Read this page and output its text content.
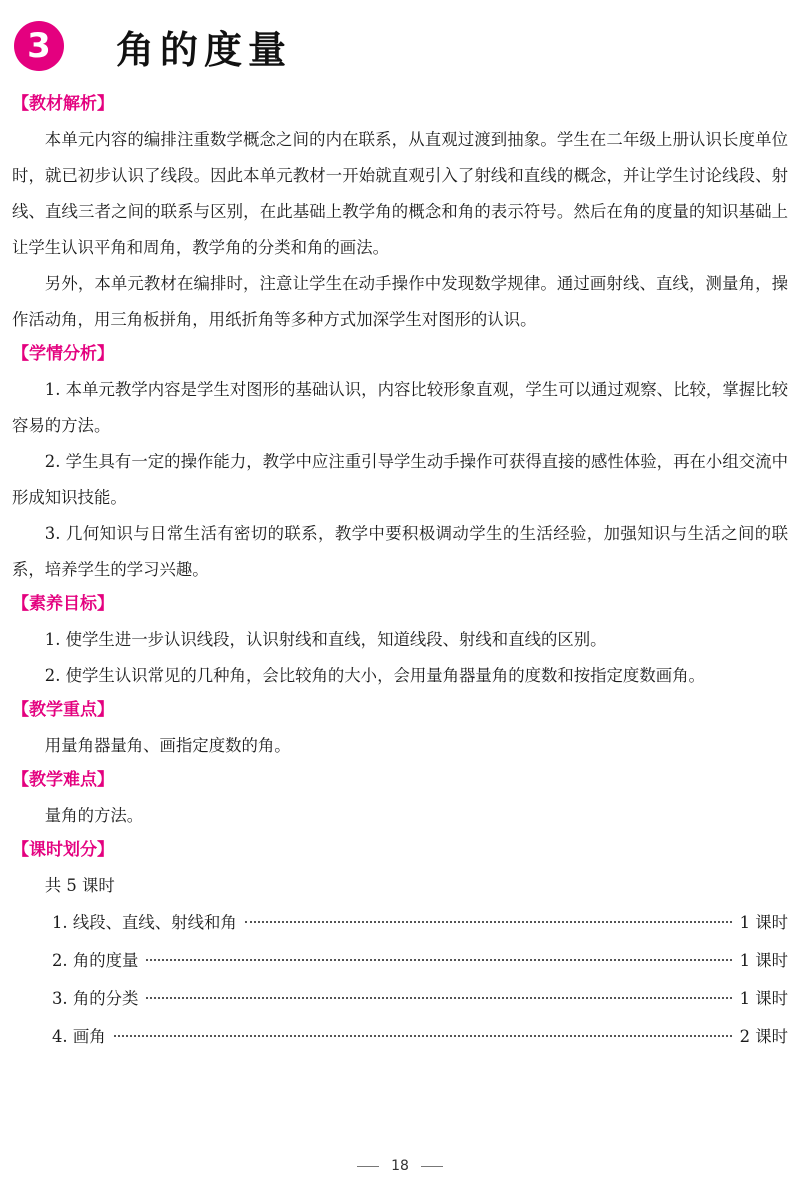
3	角的度量
【教材解析】

本单元内容的编排注重数学概念之间的内在联系，从直观过渡到抽象。学生在二年级上册认识长度单位时，就已初步认识了线段。因此本单元教材一开始就直观引入了射线和直线的概念，并让学生讨论线段、射线、直线三者之间的联系与区别，在此基础上教学角的概念和角的表示符号。然后在角的度量的知识基础上让学生认识平角和周角，教学角的分类和角的画法。

另外，本单元教材在编排时，注意让学生在动手操作中发现数学规律。通过画射线、直线，测量角，操作活动角，用三角板拼角，用纸折角等多种方式加深学生对图形的认识。

【学情分析】

1. 本单元教学内容是学生对图形的基础认识，内容比较形象直观，学生可以通过观察、比较，掌握比较容易的方法。

2. 学生具有一定的操作能力，教学中应注重引导学生动手操作可获得直接的感性体验，再在小组交流中形成知识技能。

3. 几何知识与日常生活有密切的联系，教学中要积极调动学生的生活经验，加强知识与生活之间的联系，培养学生的学习兴趣。

【素养目标】

1. 使学生进一步认识线段，认识射线和直线，知道线段、射线和直线的区别。

2. 使学生认识常见的几种角，会比较角的大小，会用量角器量角的度数和按指定度数画角。

【教学重点】

用量角器量角、画指定度数的角。

【教学难点】

量角的方法。

【课时划分】

共 5 课时

1. 线段、直线、射线和角	1 课时
2. 角的度量	1 课时
3. 角的分类	1 课时
4. 画角	2 课时
18
